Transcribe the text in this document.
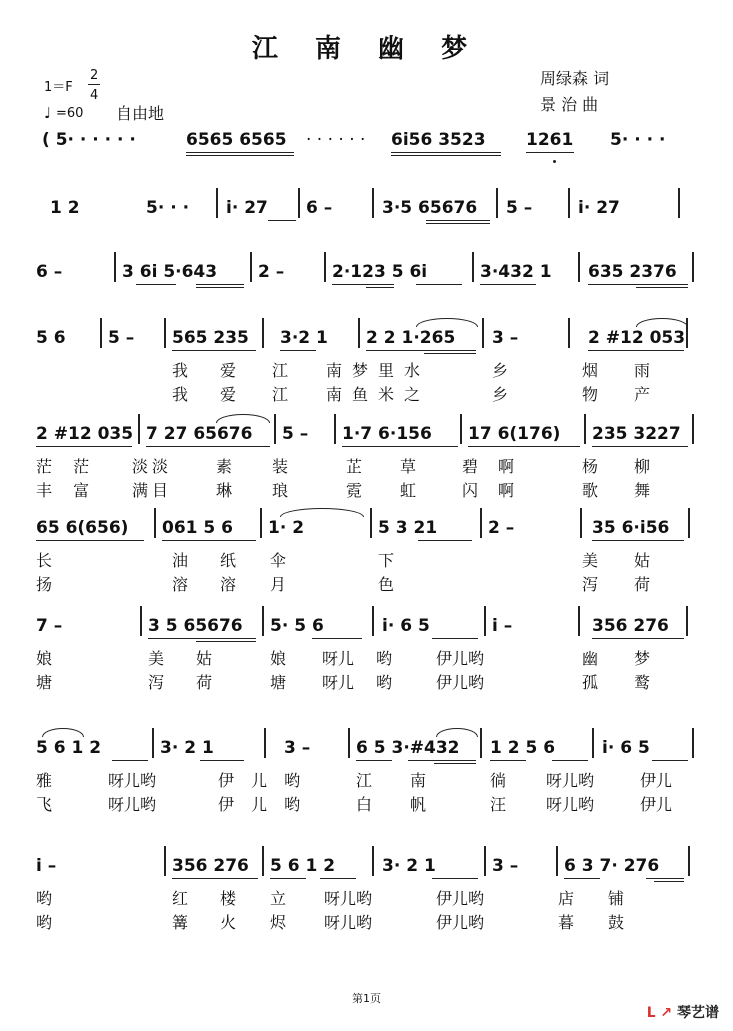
江 南 幽 梦
1＝F
2
4
♩ =60 自由地
周绿森 词
景 治 曲
( 5· · · · · ·	6565 6565 · · · · · · 6i56 3523 1261 5· · · ·
1 2	5· · · i· 27 6 –	3·5 65676 5 –	i· 27
6 –	3 6i 5·643 2 –	2·123 5 6i	3·432 1 635 2376
5 6 5 – 565 235 3·2 1 2 2 1·265 3 –	2 #12 053
我 爱 江 南梦里水	乡	烟 雨
我 爱 江 南鱼米之	乡	物 产
2 #12 035 7 27 65676 5 – 1·7 6·156 17 6(176) 235 3227
茫 茫 淡淡	素 装	芷 草	碧 啊	杨 柳
丰 富 满目	琳 琅	霓 虹	闪 啊	歌 舞
65 6(656) 061 5 6 1· 2	5 3 21	2 –	35 6·i56
长	油 纸 伞	下	美 姑
扬	溶 溶 月	色	泻 荷
7 –	3 5 65676 5· 5 6	i· 6 5	i –	356 276
娘	美 姑	娘 呀儿 哟	伊儿哟	幽 梦
塘	泻 荷	塘 呀儿 哟	伊儿哟	孤 鹜
5 6 1 2	3· 2 1	3 –	6 5 3·#432 1 2 5 6	i· 6 5
雅	呀儿哟	伊 儿 哟	江 南	徜 呀儿哟	伊儿
飞	呀儿哟	伊 儿 哟	白 帆	汪 呀儿哟	伊儿
i –	356 276 5 6 1 2	3· 2 1	3 –	6 3 7· 276
哟	红 楼 立 呀儿哟	伊儿哟	店 铺
哟	篝 火 烬 呀儿哟	伊儿哟	暮 鼓
第1页
ᒪ ↗ 琴艺谱
